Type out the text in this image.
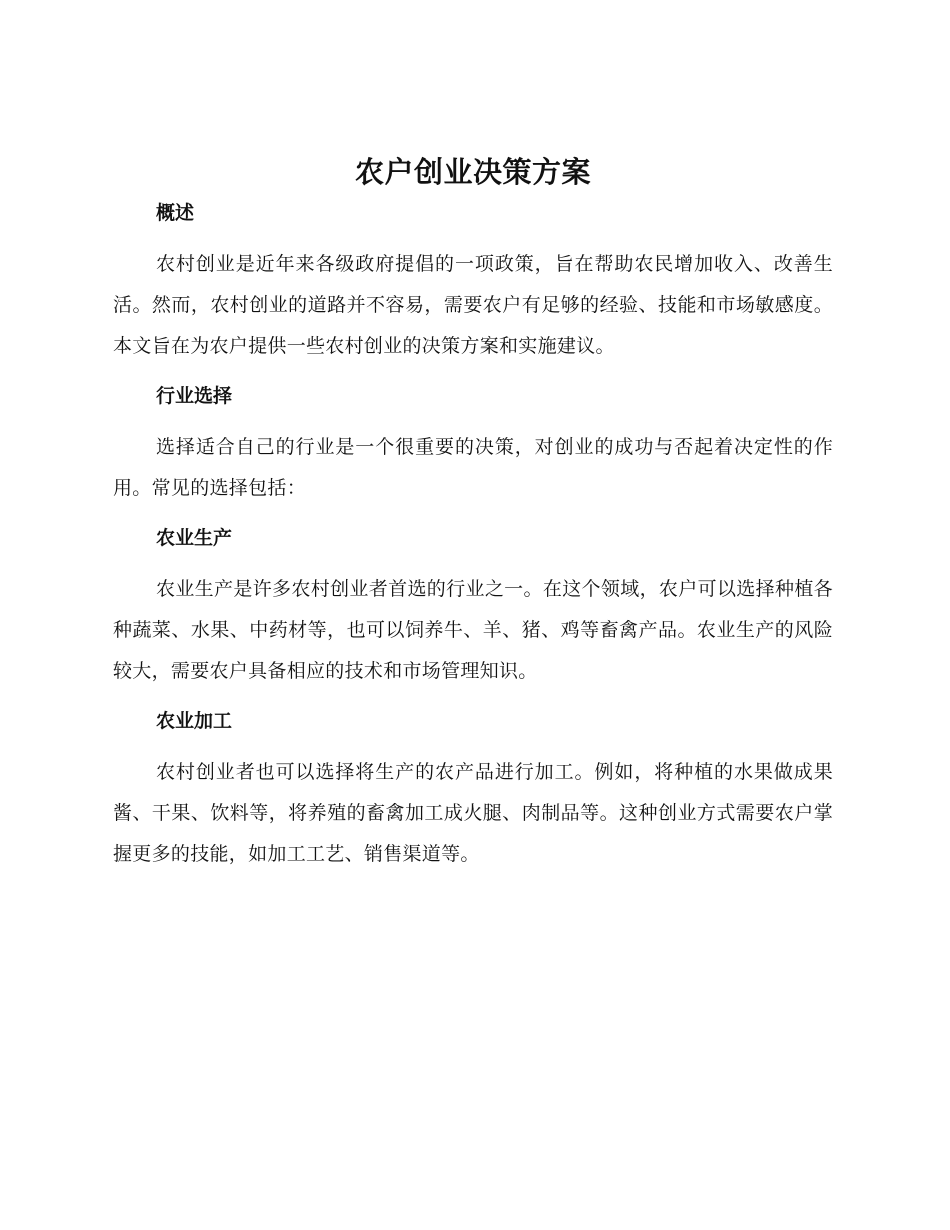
农户创业决策方案
概述

农村创业是近年来各级政府提倡的一项政策，旨在帮助农民增加收入、改善生活。然而，农村创业的道路并不容易，需要农户有足够的经验、技能和市场敏感度。本文旨在为农户提供一些农村创业的决策方案和实施建议。

行业选择

选择适合自己的行业是一个很重要的决策，对创业的成功与否起着决定性的作用。常见的选择包括：

农业生产

农业生产是许多农村创业者首选的行业之一。在这个领域，农户可以选择种植各种蔬菜、水果、中药材等，也可以饲养牛、羊、猪、鸡等畜禽产品。农业生产的风险较大，需要农户具备相应的技术和市场管理知识。

农业加工

农村创业者也可以选择将生产的农产品进行加工。例如，将种植的水果做成果酱、干果、饮料等，将养殖的畜禽加工成火腿、肉制品等。这种创业方式需要农户掌握更多的技能，如加工工艺、销售渠道等。
